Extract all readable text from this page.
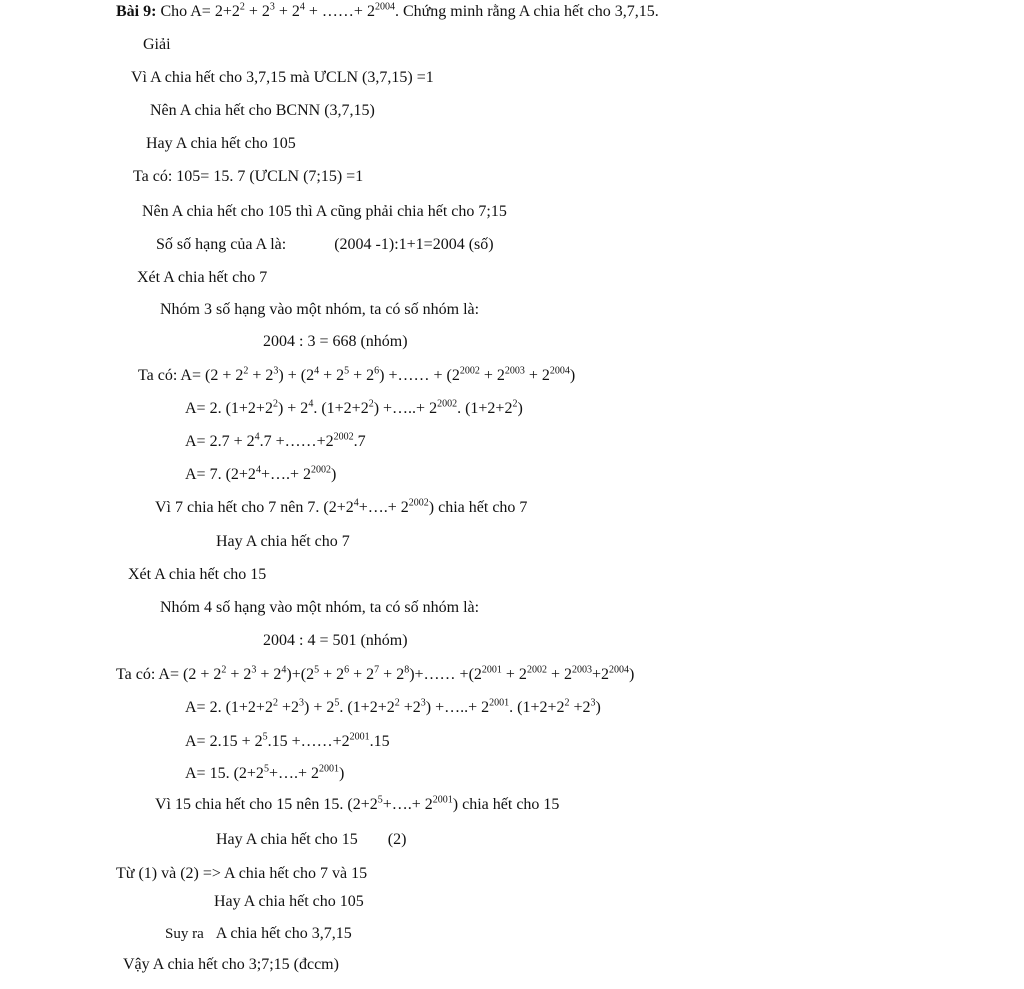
Bài 9: Cho $A= 2+2^2 + 2^3 + 2^4$ + ……+ $2^{2004}$. Chứng minh rằng A chia hết cho 3,7,15.
Giải
Vì A chia hết cho 3,7,15 mà ƯCLN (3,7,15) =1
Nên A chia hết cho BCNN (3,7,15)
Hay A chia hết cho 105
Ta có: 105= 15. 7 (ƯCLN (7;15) =1
Nên A chia hết cho 105 thì A cũng phải chia hết cho 7;15
Số số hạng của A là:	(2004 -1):1+1=2004 (số)
Xét A chia hết cho 7
Nhóm 3 số hạng vào một nhóm, ta có số nhóm là:
2004 : 3 = 668 (nhóm)
Ta có: $A= (2 + 2^2 + 2^3) + (2^4 + 2^5 + 2^6)$ +…… + $(2^{2002} + 2^{2003} + 2^{2004})$
A= 2. $(1+2+2^2) + 2^4$. $(1+2+2^2)$ +…..+ $2^{2002}$. $(1+2+2^2)$
$A= 2.7 + 2^4.7$ $+\dots\dots+2^{2002}.7$
A= 7. $(2+2^4+\dots.+ 2^{2002})$
Vì 7 chia hết cho 7 nên 7. $(2+2^4+\dots.+ 2^{2002})$ chia hết cho 7
Hay A chia hết cho 7
Xét A chia hết cho 15
Nhóm 4 số hạng vào một nhóm, ta có số nhóm là:
2004 : 4 = 501 (nhóm)
Ta có: $A= (2 + 2^2 + 2^3 + 2^4)+(2^5 + 2^6 + 2^7$ + $2^8)+\dots\dots +(2^{2001} + 2^{2002} + 2^{2003}+2^{2004})$
A= 2. $(1+2+2^2 +2^3) + 2^5$. $(1+2+2^2 +2^3)$ +…..+ $2^{2001}$. $(1+2+2^2 +2^3)$
$A= 2.15 + 2^5.15$ $+\dots\dots+2^{2001}.15$
A= 15. $(2+2^5+\dots.+ 2^{2001})$
Vì 15 chia hết cho 15 nên 15. $(2+2^5+\dots.+ 2^{2001})$ chia hết cho 15
Hay A chia hết cho 15 (2)
Từ (1) và (2) => A chia hết cho 7 và 15
Hay A chia hết cho 105
Suy ra A chia hết cho 3,7,15
Vậy A chia hết cho 3;7;15 (đccm)
